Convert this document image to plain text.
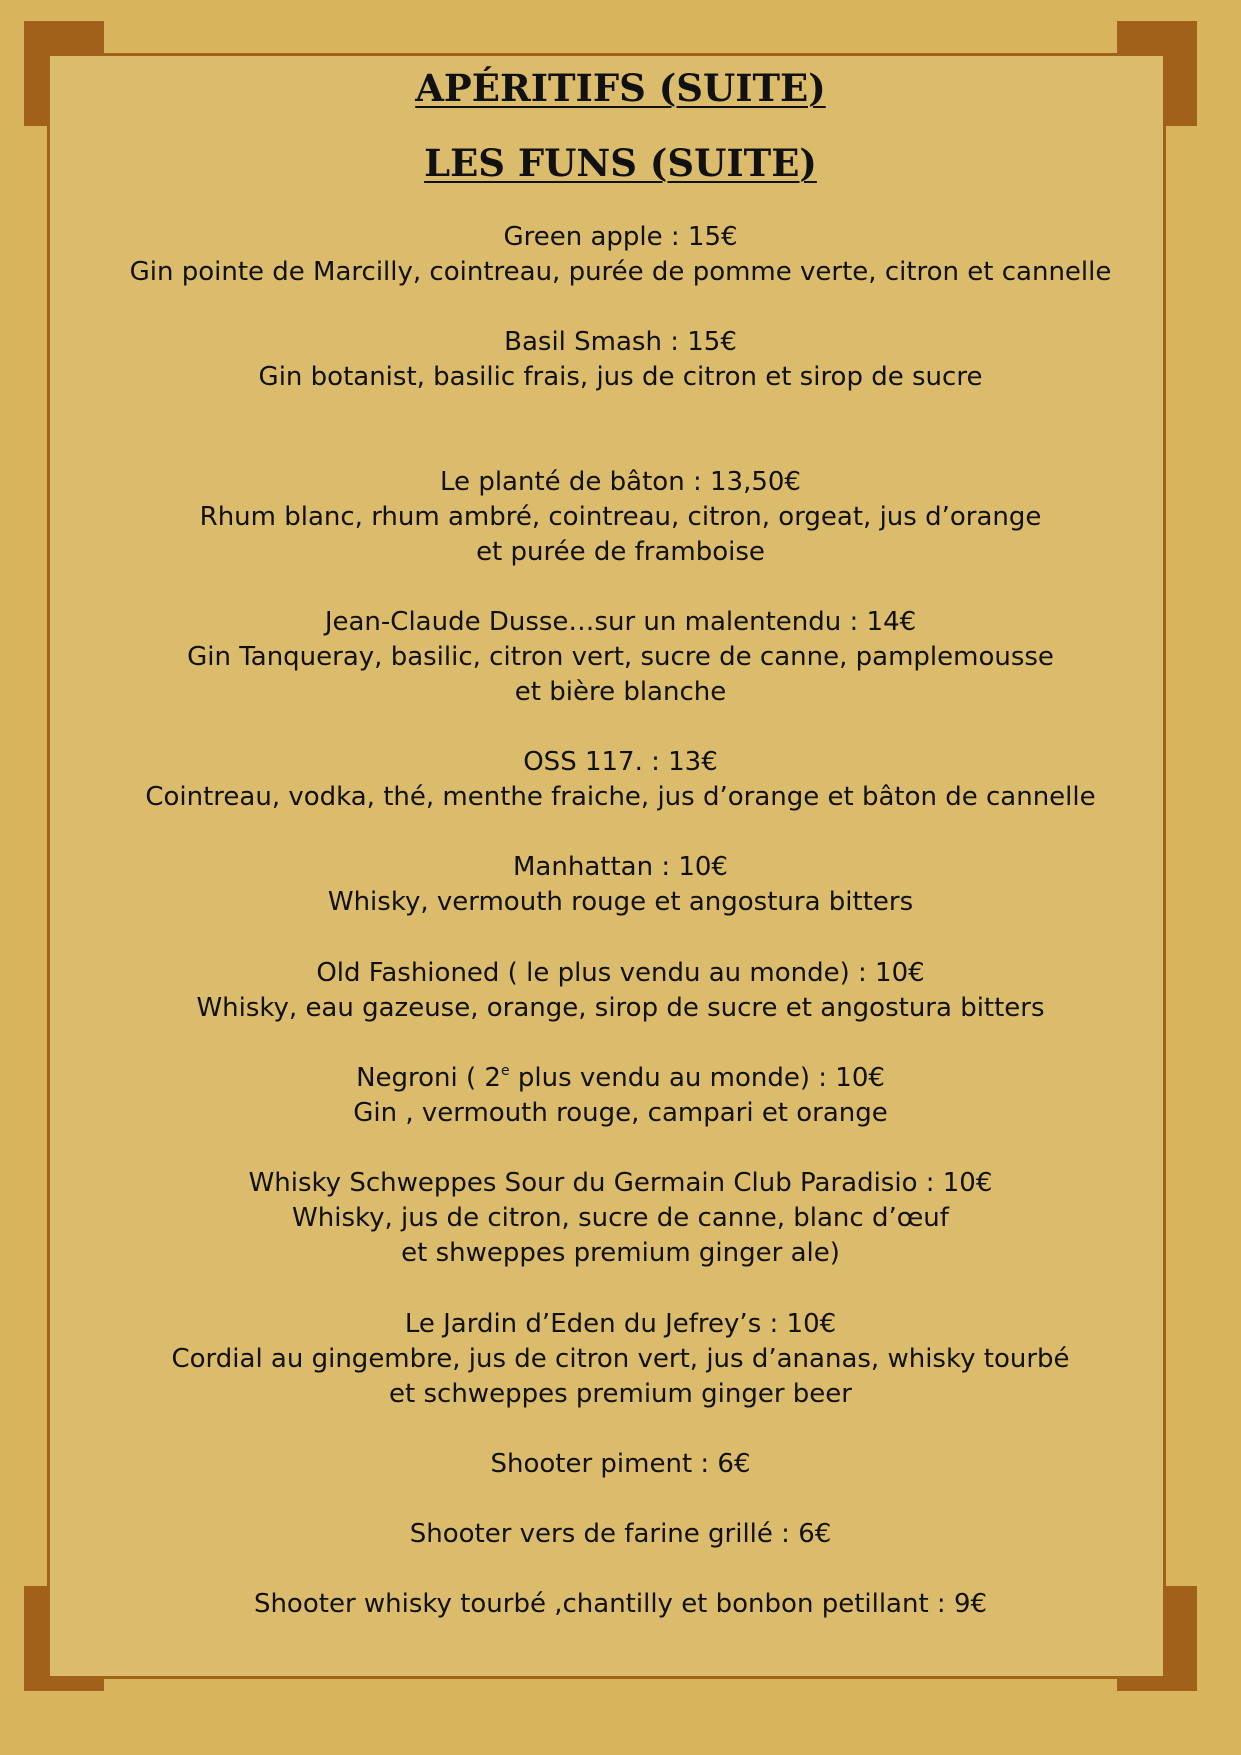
APÉRITIFS (SUITE)
LES FUNS (SUITE)
Green apple : 15€
Gin pointe de Marcilly, cointreau, purée de pomme verte, citron et cannelle
Basil Smash : 15€
Gin botanist, basilic frais, jus de citron et sirop de sucre
Le planté de bâton : 13,50€
Rhum blanc, rhum ambré, cointreau, citron, orgeat, jus d’orange
et purée de framboise
Jean-Claude Dusse…sur un malentendu : 14€
Gin Tanqueray, basilic, citron vert, sucre de canne, pamplemousse
et bière blanche
OSS 117. : 13€
Cointreau, vodka, thé, menthe fraiche, jus d’orange et bâton de cannelle
Manhattan : 10€
Whisky, vermouth rouge et angostura bitters
Old Fashioned ( le plus vendu au monde) : 10€
Whisky, eau gazeuse, orange, sirop de sucre et angostura bitters
Negroni ( 2e plus vendu au monde) : 10€
Gin , vermouth rouge, campari et orange
Whisky Schweppes Sour du Germain Club Paradisio : 10€
Whisky, jus de citron, sucre de canne, blanc d’œuf
et shweppes premium ginger ale)
Le Jardin d’Eden du Jefrey’s : 10€
Cordial au gingembre, jus de citron vert, jus d’ananas, whisky tourbé
et schweppes premium ginger beer
Shooter piment : 6€
Shooter vers de farine grillé : 6€
Shooter whisky tourbé ,chantilly et bonbon petillant : 9€
